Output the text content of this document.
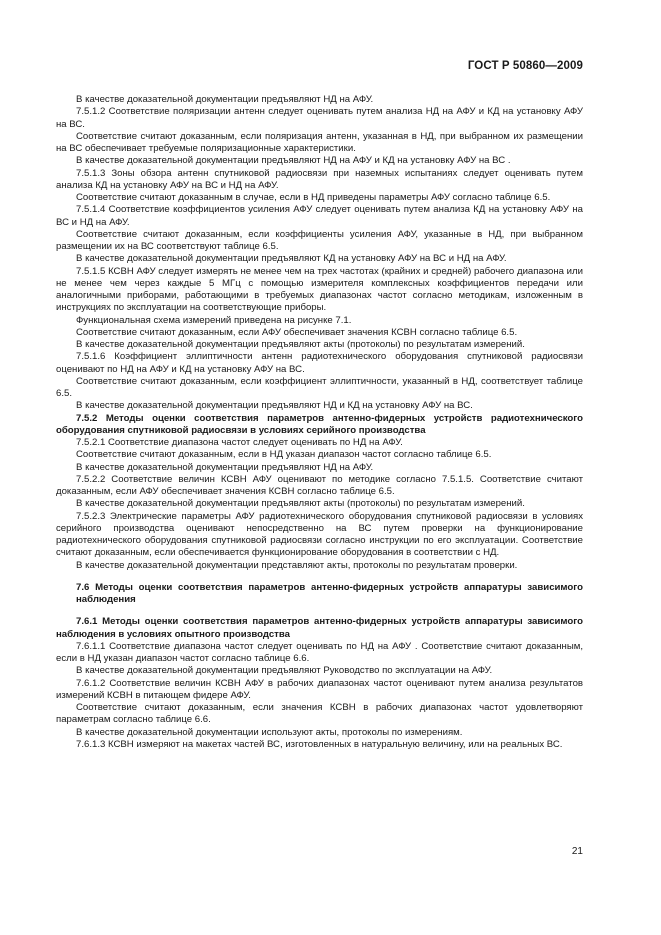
ГОСТ Р 50860—2009

В качестве доказательной документации предъявляют НД на АФУ.

7.5.1.2 Соответствие поляризации антенн следует оценивать путем анализа НД на АФУ и КД на установку АФУ на ВС.

Соответствие считают доказанным, если поляризация антенн, указанная в НД, при выбранном их размещении на ВС обеспечивает требуемые поляризационные характеристики.

В качестве доказательной документации предъявляют НД на АФУ и КД на установку АФУ на ВС .

7.5.1.3 Зоны обзора антенн спутниковой радиосвязи при наземных испытаниях следует оценивать путем анализа КД на установку АФУ на ВС и НД на АФУ.

Соответствие считают доказанным в случае, если в НД приведены параметры АФУ согласно таблице 6.5.

7.5.1.4 Соответствие коэффициентов усиления АФУ следует оценивать путем анализа КД на установку АФУ на ВС и НД на АФУ.

Соответствие считают доказанным, если коэффициенты усиления АФУ, указанные в НД, при выбранном размещении их на ВС соответствуют таблице 6.5.

В качестве доказательной документации предъявляют КД на установку АФУ на ВС и НД на АФУ.

7.5.1.5 КСВН АФУ следует измерять не менее чем на трех частотах (крайних и средней) рабочего диапазона или не менее чем через каждые 5 МГц с помощью измерителя комплексных коэффициентов передачи или аналогичными приборами, работающими в требуемых диапазонах частот согласно методикам, изложенным в инструкциях по эксплуатации на соответствующие приборы.

Функциональная схема измерений приведена на рисунке 7.1.

Соответствие считают доказанным, если АФУ обеспечивает значения КСВН согласно таблице 6.5.

В качестве доказательной документации предъявляют акты (протоколы) по результатам измерений.

7.5.1.6 Коэффициент эллиптичности антенн радиотехнического оборудования спутниковой радиосвязи оценивают по НД на АФУ и КД на установку АФУ на ВС.

Соответствие считают доказанным, если коэффициент эллиптичности, указанный в НД, соответствует таблице 6.5.

В качестве доказательной документации предъявляют НД и КД на установку АФУ на ВС.

7.5.2 Методы оценки соответствия параметров антенно-фидерных устройств радиотехнического оборудования спутниковой радиосвязи в условиях серийного производства

7.5.2.1 Соответствие диапазона частот следует оценивать по НД на АФУ.

Соответствие считают доказанным, если в НД указан диапазон частот согласно таблице 6.5.

В качестве доказательной документации предъявляют НД на АФУ.

7.5.2.2 Соответствие величин КСВН АФУ оценивают по методике согласно 7.5.1.5. Соответствие считают доказанным, если АФУ обеспечивает значения КСВН согласно таблице 6.5.

В качестве доказательной документации предъявляют акты (протоколы) по результатам измерений.

7.5.2.3 Электрические параметры АФУ радиотехнического оборудования спутниковой радиосвязи в условиях серийного производства оценивают непосредственно на ВС путем проверки на функционирование радиотехнического оборудования спутниковой радиосвязи согласно инструкции по его эксплуатации. Соответствие считают доказанным, если обеспечивается функционирование оборудования в соответствии с НД.

В качестве доказательной документации представляют акты, протоколы по результатам проверки.

7.6 Методы оценки соответствия параметров антенно-фидерных устройств аппаратуры зависимого наблюдения

7.6.1 Методы оценки соответствия параметров антенно-фидерных устройств аппаратуры зависимого наблюдения в условиях опытного производства

7.6.1.1 Соответствие диапазона частот следует оценивать по НД на АФУ . Соответствие считают доказанным, если в НД указан диапазон частот согласно таблице 6.6.

В качестве доказательной документации предъявляют Руководство по эксплуатации на АФУ.

7.6.1.2 Соответствие величин КСВН АФУ в рабочих диапазонах частот оценивают путем анализа результатов измерений КСВН в питающем фидере АФУ.

Соответствие считают доказанным, если значения КСВН в рабочих диапазонах частот удовлетворяют параметрам согласно таблице 6.6.

В качестве доказательной документации используют акты, протоколы по измерениям.

7.6.1.3 КСВН измеряют на макетах частей ВС, изготовленных в натуральную величину, или на реальных ВС.

21
